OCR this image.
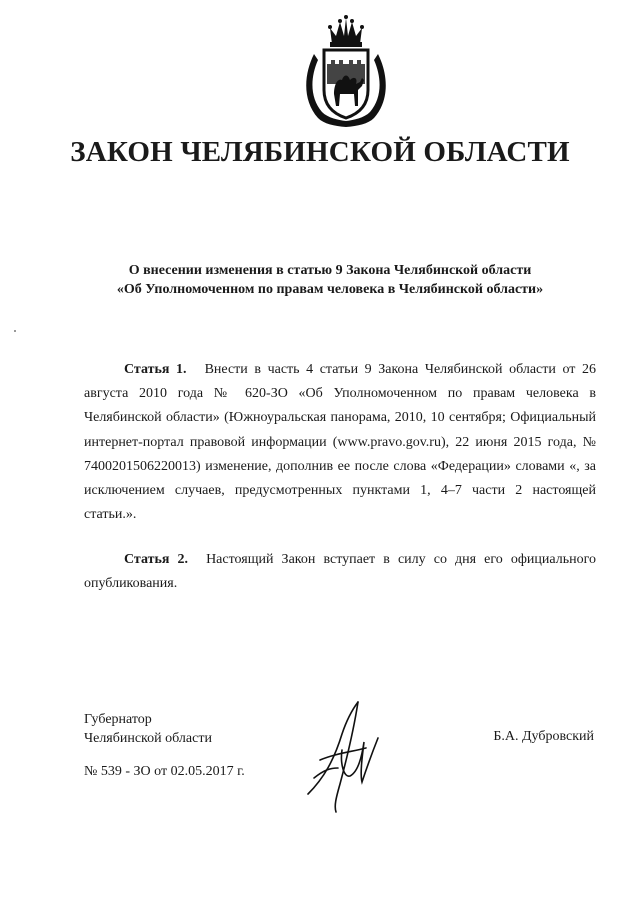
ЗАКОН ЧЕЛЯБИНСКОЙ ОБЛАСТИ

О внесении изменения в статью 9 Закона Челябинской области

«Об Уполномоченном по правам человека в Челябинской области»

Статья 1. Внести в часть 4 статьи 9 Закона Челябинской области от 26 августа 2010 года № 620-ЗО «Об Уполномоченном по правам человека в Челябинской области» (Южноуральская панорама, 2010, 10 сентября; Официальный интернет-портал правовой информации (www.pravo.gov.ru), 22 июня 2015 года, № 7400201506220013) изменение, дополнив ее после слова «Федерации» словами «, за исключением случаев, предусмотренных пунктами 1, 4–7 части 2 настоящей статьи.».

Статья 2. Настоящий Закон вступает в силу со дня его официального опубликования.

Губернатор
Челябинской области	Б.А. Дубровский
№ 539 - ЗО от 02.05.2017 г.
